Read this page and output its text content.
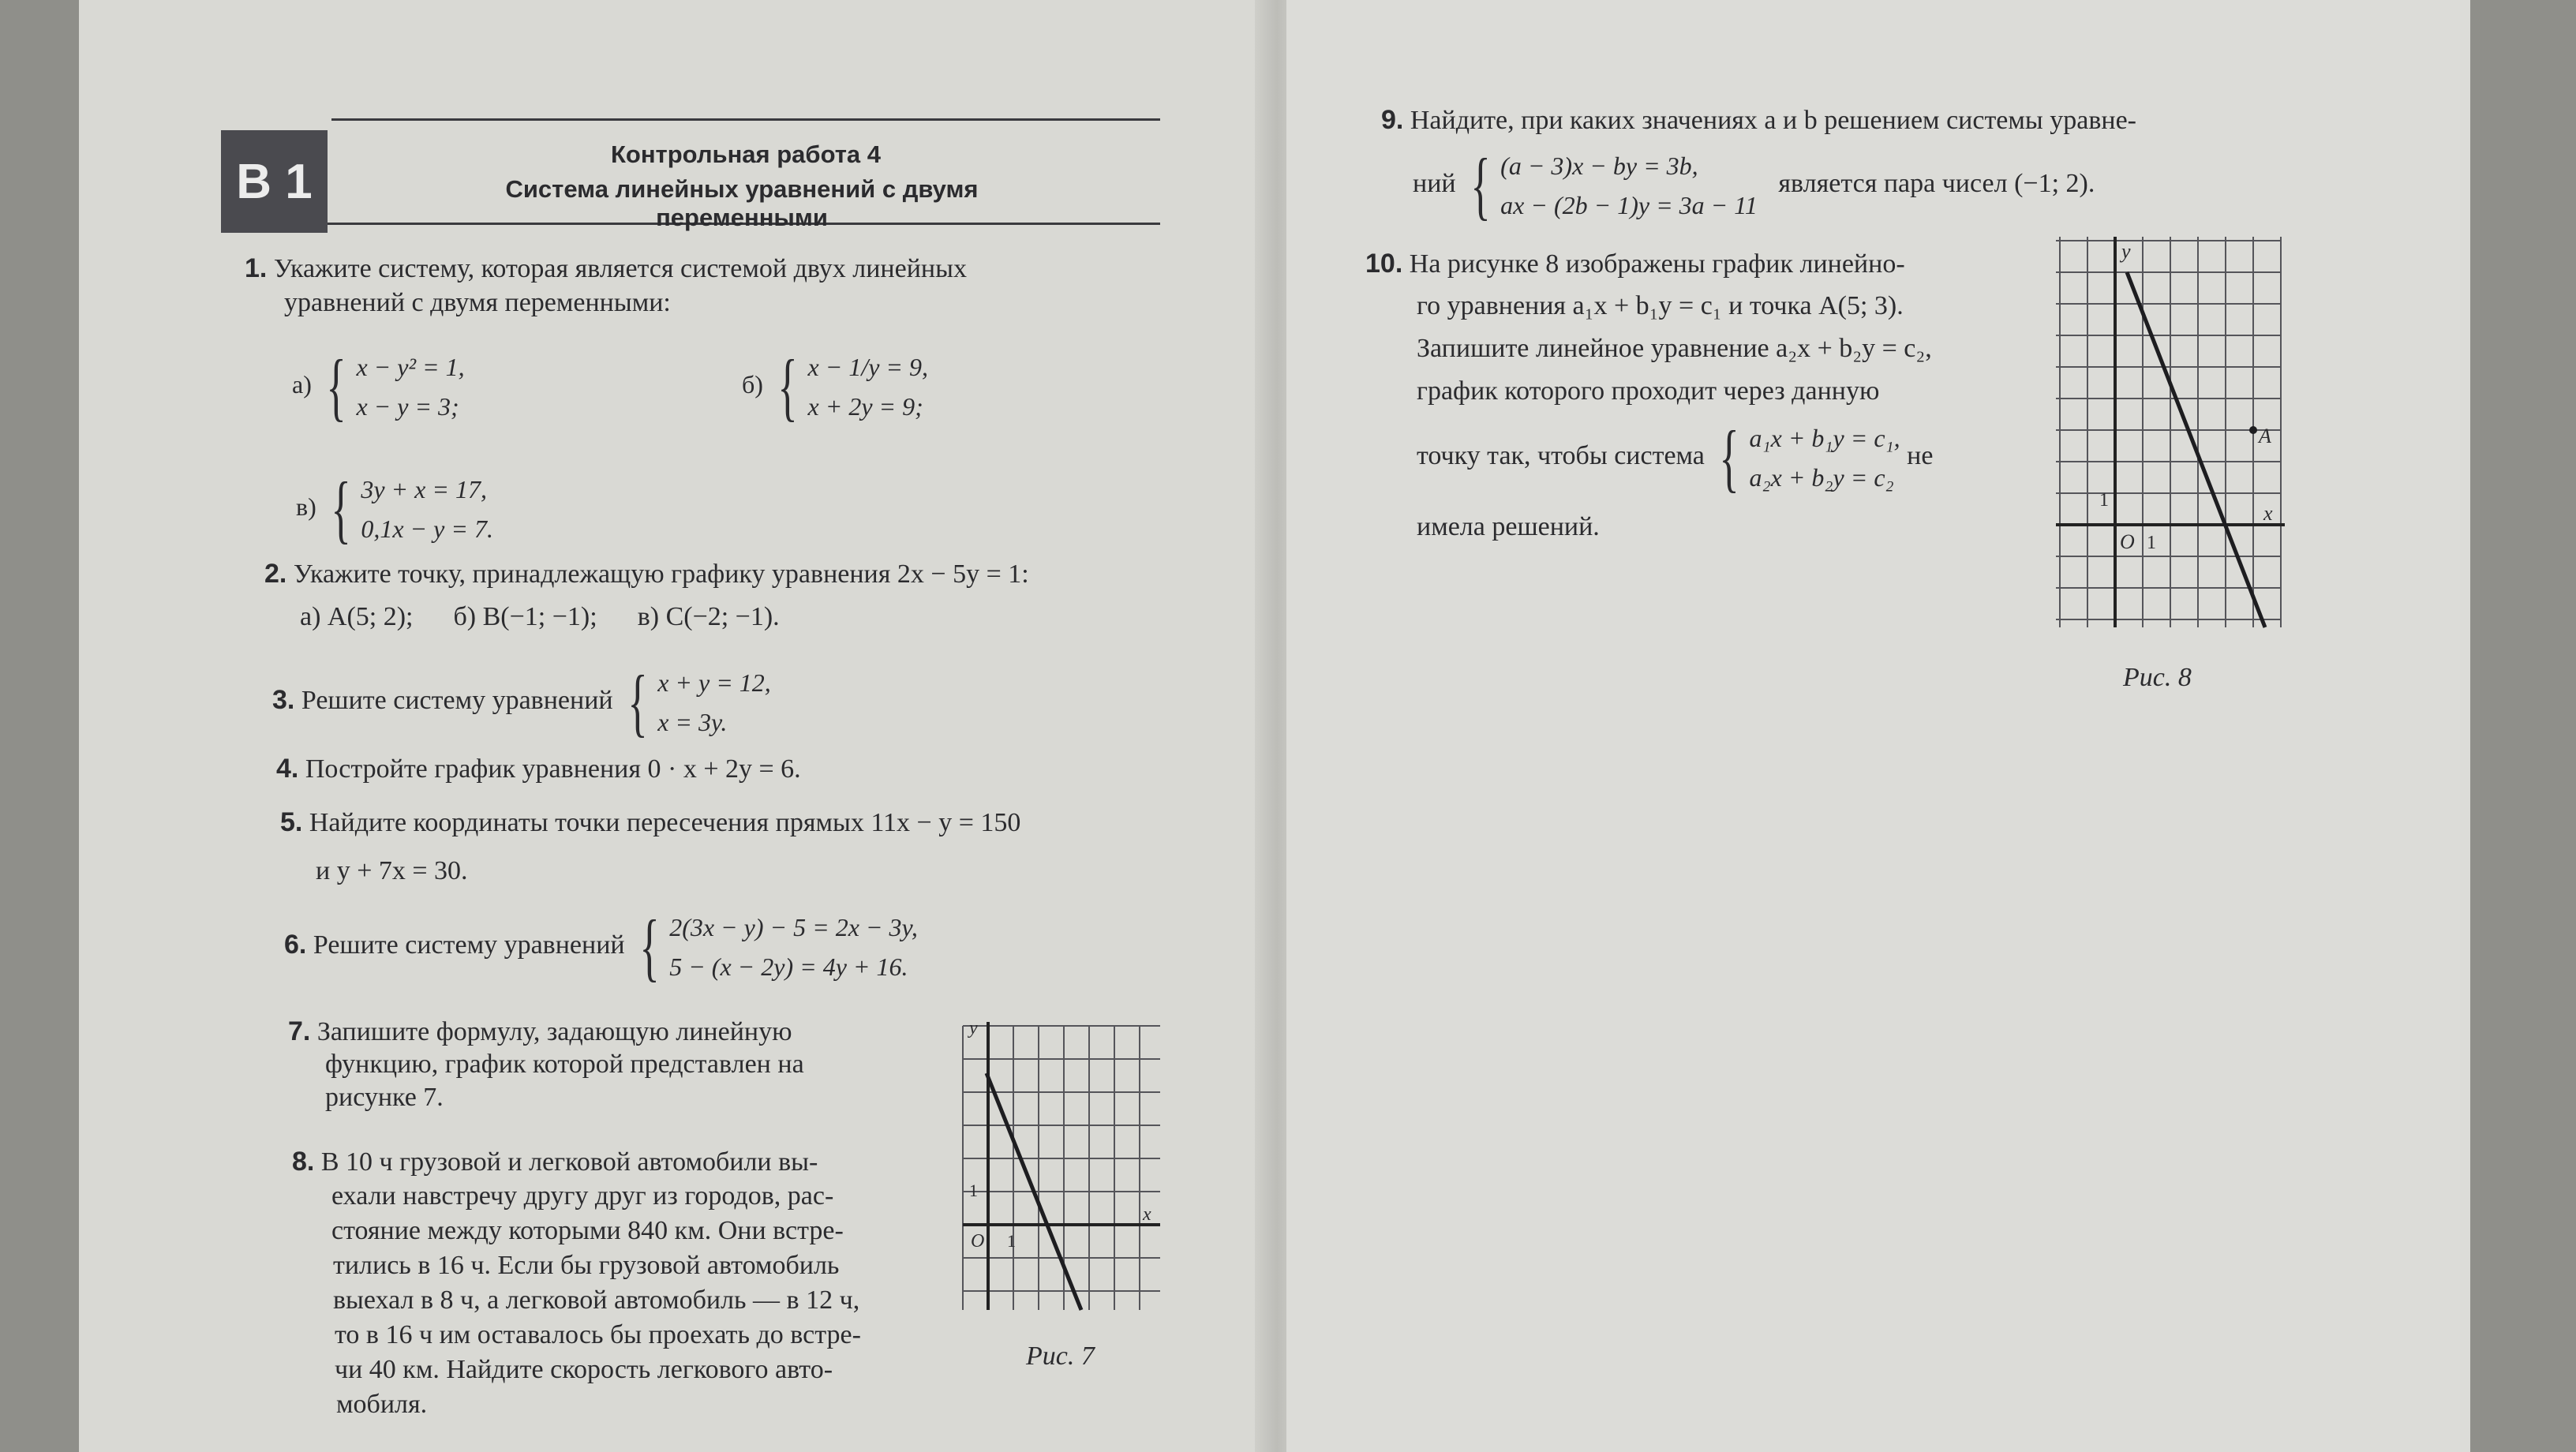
В 1	Контрольная работа 4
Система линейных уравнений с двумя переменными
1. Укажите систему, которая является системой двух линейных
уравнений с двумя переменными:
а) { x − y² = 1,
x − y = 3;
б) { x − 1/y = 9,
x + 2y = 9;
в) { 3y + x = 17,
0,1x − y = 7.
2. Укажите точку, принадлежащую графику уравнения 2x − 5y = 1:
а) A(5; 2);      б) B(−1; −1);      в) C(−2; −1).
3. Решите систему уравнений { x + y = 12,
x = 3y.
4. Постройте график уравнения 0 · x + 2y = 6.
5. Найдите координаты точки пересечения прямых 11x − y = 150
и y + 7x = 30.
6. Решите систему уравнений { 2(3x − y) − 5 = 2x − 3y,
5 − (x − 2y) = 4y + 16.
7. Запишите формулу, задающую линейную
функцию, график которой представлен на
рисунке 7.
8. В 10 ч грузовой и легковой автомобили вы-
ехали навстречу другу друг из городов, рас-
стояние между которыми 840 км. Они встре-
тились в 16 ч. Если бы грузовой автомобиль
выехал в 8 ч, а легковой автомобиль — в 12 ч,
то в 16 ч им оставалось бы проехать до встре-
чи 40 км. Найдите скорость легкового авто-
мобиля.
y
x
O 1
1
Рис. 7
9. Найдите, при каких значениях a и b решением системы уравне-
ний { (a − 3)x − by = 3b,
ax − (2b − 1)y = 3a − 11
является пара чисел (−1; 2).
10. На рисунке 8 изображены график линейно-
го уравнения a₁x + b₁y = c₁ и точка A(5; 3).
Запишите линейное уравнение a₂x + b₂y = c₂,
график которого проходит через данную
точку так, чтобы система { a₁x + b₁y = c₁,
a₂x + b₂y = c₂
не
имела решений.
y
x
O 1
1
A
Рис. 8
